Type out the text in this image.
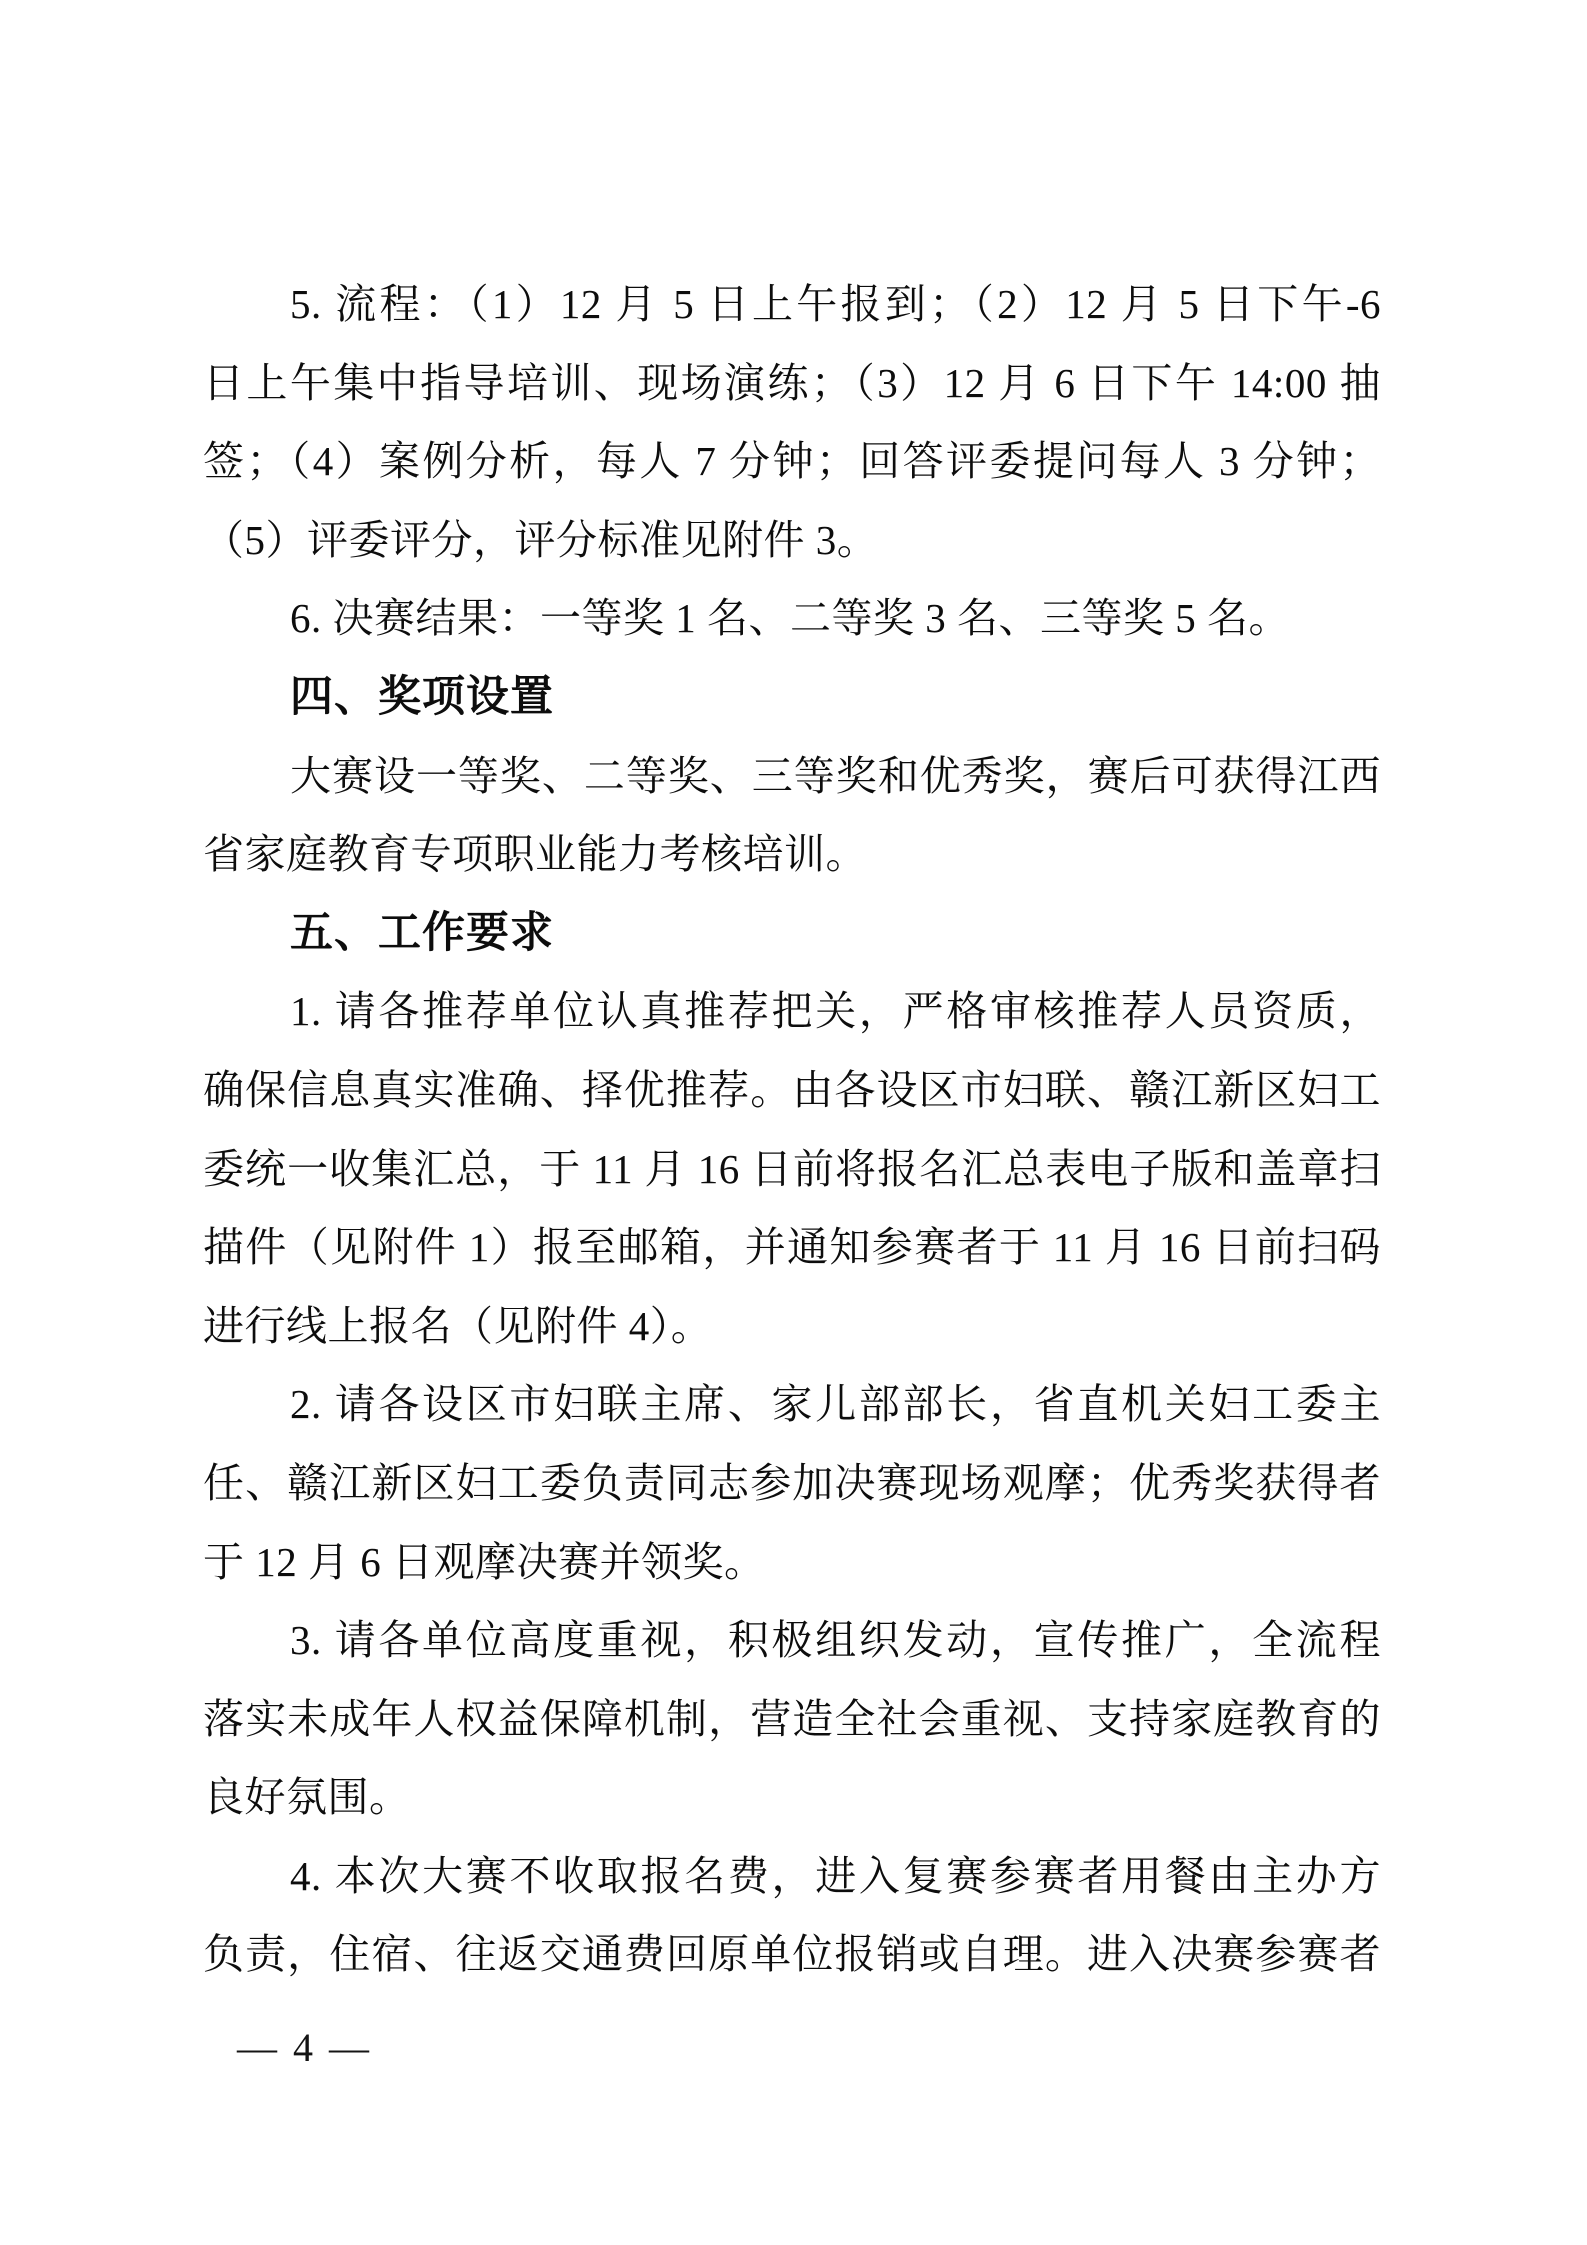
5. 流程：（1）12 月 5 日上午报到；（2）12 月 5 日下午-6
日上午集中指导培训、现场演练；（3）12 月 6 日下午 14:00 抽
签；（4）案例分析，每人 7 分钟；回答评委提问每人 3 分钟；
（5）评委评分，评分标准见附件 3。
6. 决赛结果：一等奖 1 名、二等奖 3 名、三等奖 5 名。
四、奖项设置
大赛设一等奖、二等奖、三等奖和优秀奖，赛后可获得江西
省家庭教育专项职业能力考核培训。
五、工作要求
1. 请各推荐单位认真推荐把关，严格审核推荐人员资质，
确保信息真实准确、择优推荐。由各设区市妇联、赣江新区妇工
委统一收集汇总，于 11 月 16 日前将报名汇总表电子版和盖章扫
描件（见附件 1）报至邮箱，并通知参赛者于 11 月 16 日前扫码
进行线上报名（见附件 4）。
2. 请各设区市妇联主席、家儿部部长，省直机关妇工委主
任、赣江新区妇工委负责同志参加决赛现场观摩；优秀奖获得者
于 12 月 6 日观摩决赛并领奖。
3. 请各单位高度重视，积极组织发动，宣传推广，全流程
落实未成年人权益保障机制，营造全社会重视、支持家庭教育的
良好氛围。
4. 本次大赛不收取报名费，进入复赛参赛者用餐由主办方
负责，住宿、往返交通费回原单位报销或自理。进入决赛参赛者
— 4 —
